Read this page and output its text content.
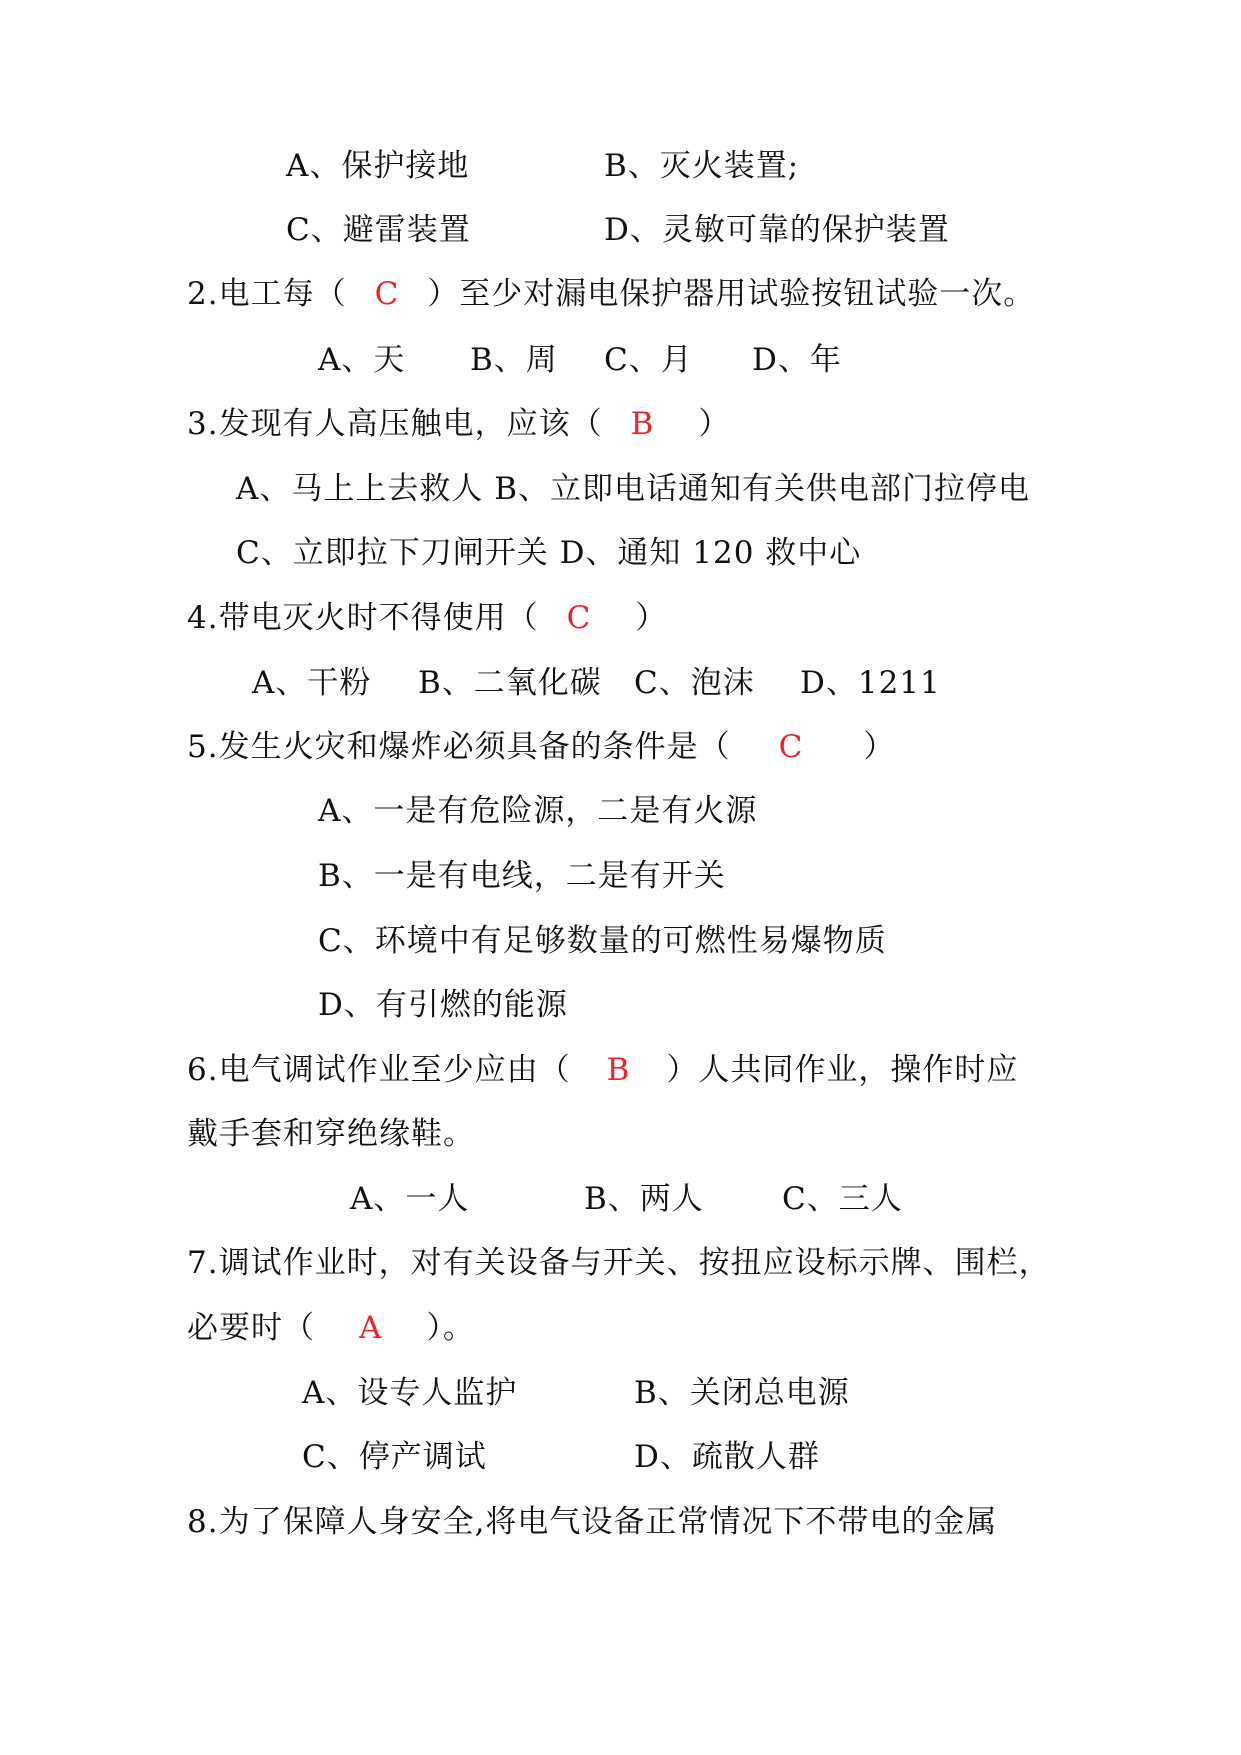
A、保护接地	B、灭火装置;
C、避雷装置	D、灵敏可靠的保护装置
2.电工每（ C ）至少对漏电保护器用试验按钮试验一次。
A、天 B、周 C、月 D、年
3.发现有人高压触电，应该（ B ）
A、马上上去救人 B、立即电话通知有关供电部门拉停电
C、立即拉下刀闸开关 D、通知 120 救中心
4.带电灭火时不得使用（ C ）
A、干粉 B、二氧化碳 C、泡沫 D、1211
5.发生火灾和爆炸必须具备的条件是（ C ）
A、一是有危险源，二是有火源
B、一是有电线，二是有开关
C、环境中有足够数量的可燃性易爆物质
D、有引燃的能源
6.电气调试作业至少应由（ B ）人共同作业，操作时应
戴手套和穿绝缘鞋。
A、一人	B、两人	C、三人
7.调试作业时，对有关设备与开关、按扭应设标示牌、围栏，
必要时（ A ）。
A、设专人监护	B、关闭总电源
C、停产调试	D、疏散人群
8.为了保障人身安全,将电气设备正常情况下不带电的金属
